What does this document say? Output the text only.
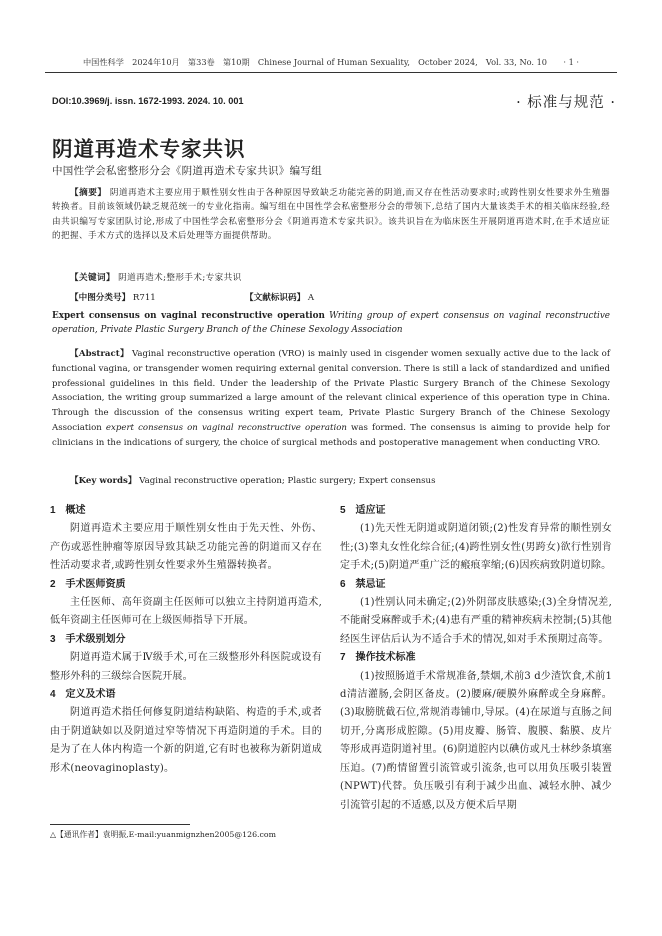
中国性科学　2024年10月　第33卷　第10期　Chinese Journal of Human Sexuality,　October 2024,　Vol. 33, No. 10　　· 1 ·
DOI:10.3969/j. issn. 1672-1993. 2024. 10. 001	· 标准与规范 ·
阴道再造术专家共识
中国性学会私密整形分会《阴道再造术专家共识》编写组
【摘要】 阴道再造术主要应用于顺性别女性由于各种原因导致缺乏功能完善的阴道,而又存在性活动要求时;或跨性别女性要求外生殖器转换者。目前该领域仍缺乏规范统一的专业化指南。编写组在中国性学会私密整形分会的带领下,总结了国内大量该类手术的相关临床经验,经由共识编写专家团队讨论,形成了中国性学会私密整形分会《阴道再造术专家共识》。该共识旨在为临床医生开展阴道再造术时,在手术适应证的把握、手术方式的选择以及术后处理等方面提供帮助。
【关键词】 阴道再造术;整形手术;专家共识
【中图分类号】 R711	【文献标识码】 A
Expert consensus on vaginal reconstructive operation Writing group of expert consensus on vaginal reconstructive operation, Private Plastic Surgery Branch of the Chinese Sexology Association
【Abstract】 Vaginal reconstructive operation (VRO) is mainly used in cisgender women sexually active due to the lack of functional vagina, or transgender women requiring external genital conversion. There is still a lack of standardized and unified professional guidelines in this field. Under the leadership of the Private Plastic Surgery Branch of the Chinese Sexology Association, the writing group summarized a large amount of the relevant clinical experience of this operation type in China. Through the discussion of the consensus writing expert team, Private Plastic Surgery Branch of the Chinese Sexology Association expert consensus on vaginal reconstructive operation was formed. The consensus is aiming to provide help for clinicians in the indications of surgery, the choice of surgical methods and postoperative management when conducting VRO.
【Key words】 Vaginal reconstructive operation; Plastic surgery; Expert consensus
1　概述

阴道再造术主要应用于顺性别女性由于先天性、外伤、产伤或恶性肿瘤等原因导致其缺乏功能完善的阴道而又存在性活动要求者,或跨性别女性要求外生殖器转换者。

2　手术医师资质

主任医师、高年资副主任医师可以独立主持阴道再造术,低年资副主任医师可在上级医师指导下开展。

3　手术级别划分

阴道再造术属于Ⅳ级手术,可在三级整形外科医院或设有整形外科的三级综合医院开展。

4　定义及术语

阴道再造术指任何修复阴道结构缺陷、构造的手术,或者由于阴道缺如以及阴道过窄等情况下再造阴道的手术。目的是为了在人体内构造一个新的阴道,它有时也被称为新阴道成形术(neovaginoplasty)。

5　适应证

(1)先天性无阴道或阴道闭锁;(2)性发育异常的顺性别女性;(3)睾丸女性化综合征;(4)跨性别女性(男跨女)欲行性别肯定手术;(5)阴道严重广泛的瘢痕挛缩;(6)因疾病致阴道切除。

6　禁忌证

(1)性别认同未确定;(2)外阴部皮肤感染;(3)全身情况差,不能耐受麻醉或手术;(4)患有严重的精神疾病未控制;(5)其他经医生评估后认为不适合手术的情况,如对手术预期过高等。

7　操作技术标准

(1)按照肠道手术常规准备,禁烟,术前3 d少渣饮食,术前1 d清洁灌肠,会阴区备皮。(2)腰麻/硬膜外麻醉或全身麻醉。(3)取膀胱截石位,常规消毒铺巾,导尿。(4)在尿道与直肠之间切开,分离形成腔隙。(5)用皮瓣、肠管、腹膜、黏膜、皮片等形成再造阴道衬里。(6)阴道腔内以碘仿或凡士林纱条填塞压迫。(7)酌情留置引流管或引流条,也可以用负压吸引装置(NPWT)代替。负压吸引有利于减少出血、减轻水肿、减少引流管引起的不适感,以及方便术后早期

△【通讯作者】袁明振,E-mail:yuanmignzhen2005@126.com
